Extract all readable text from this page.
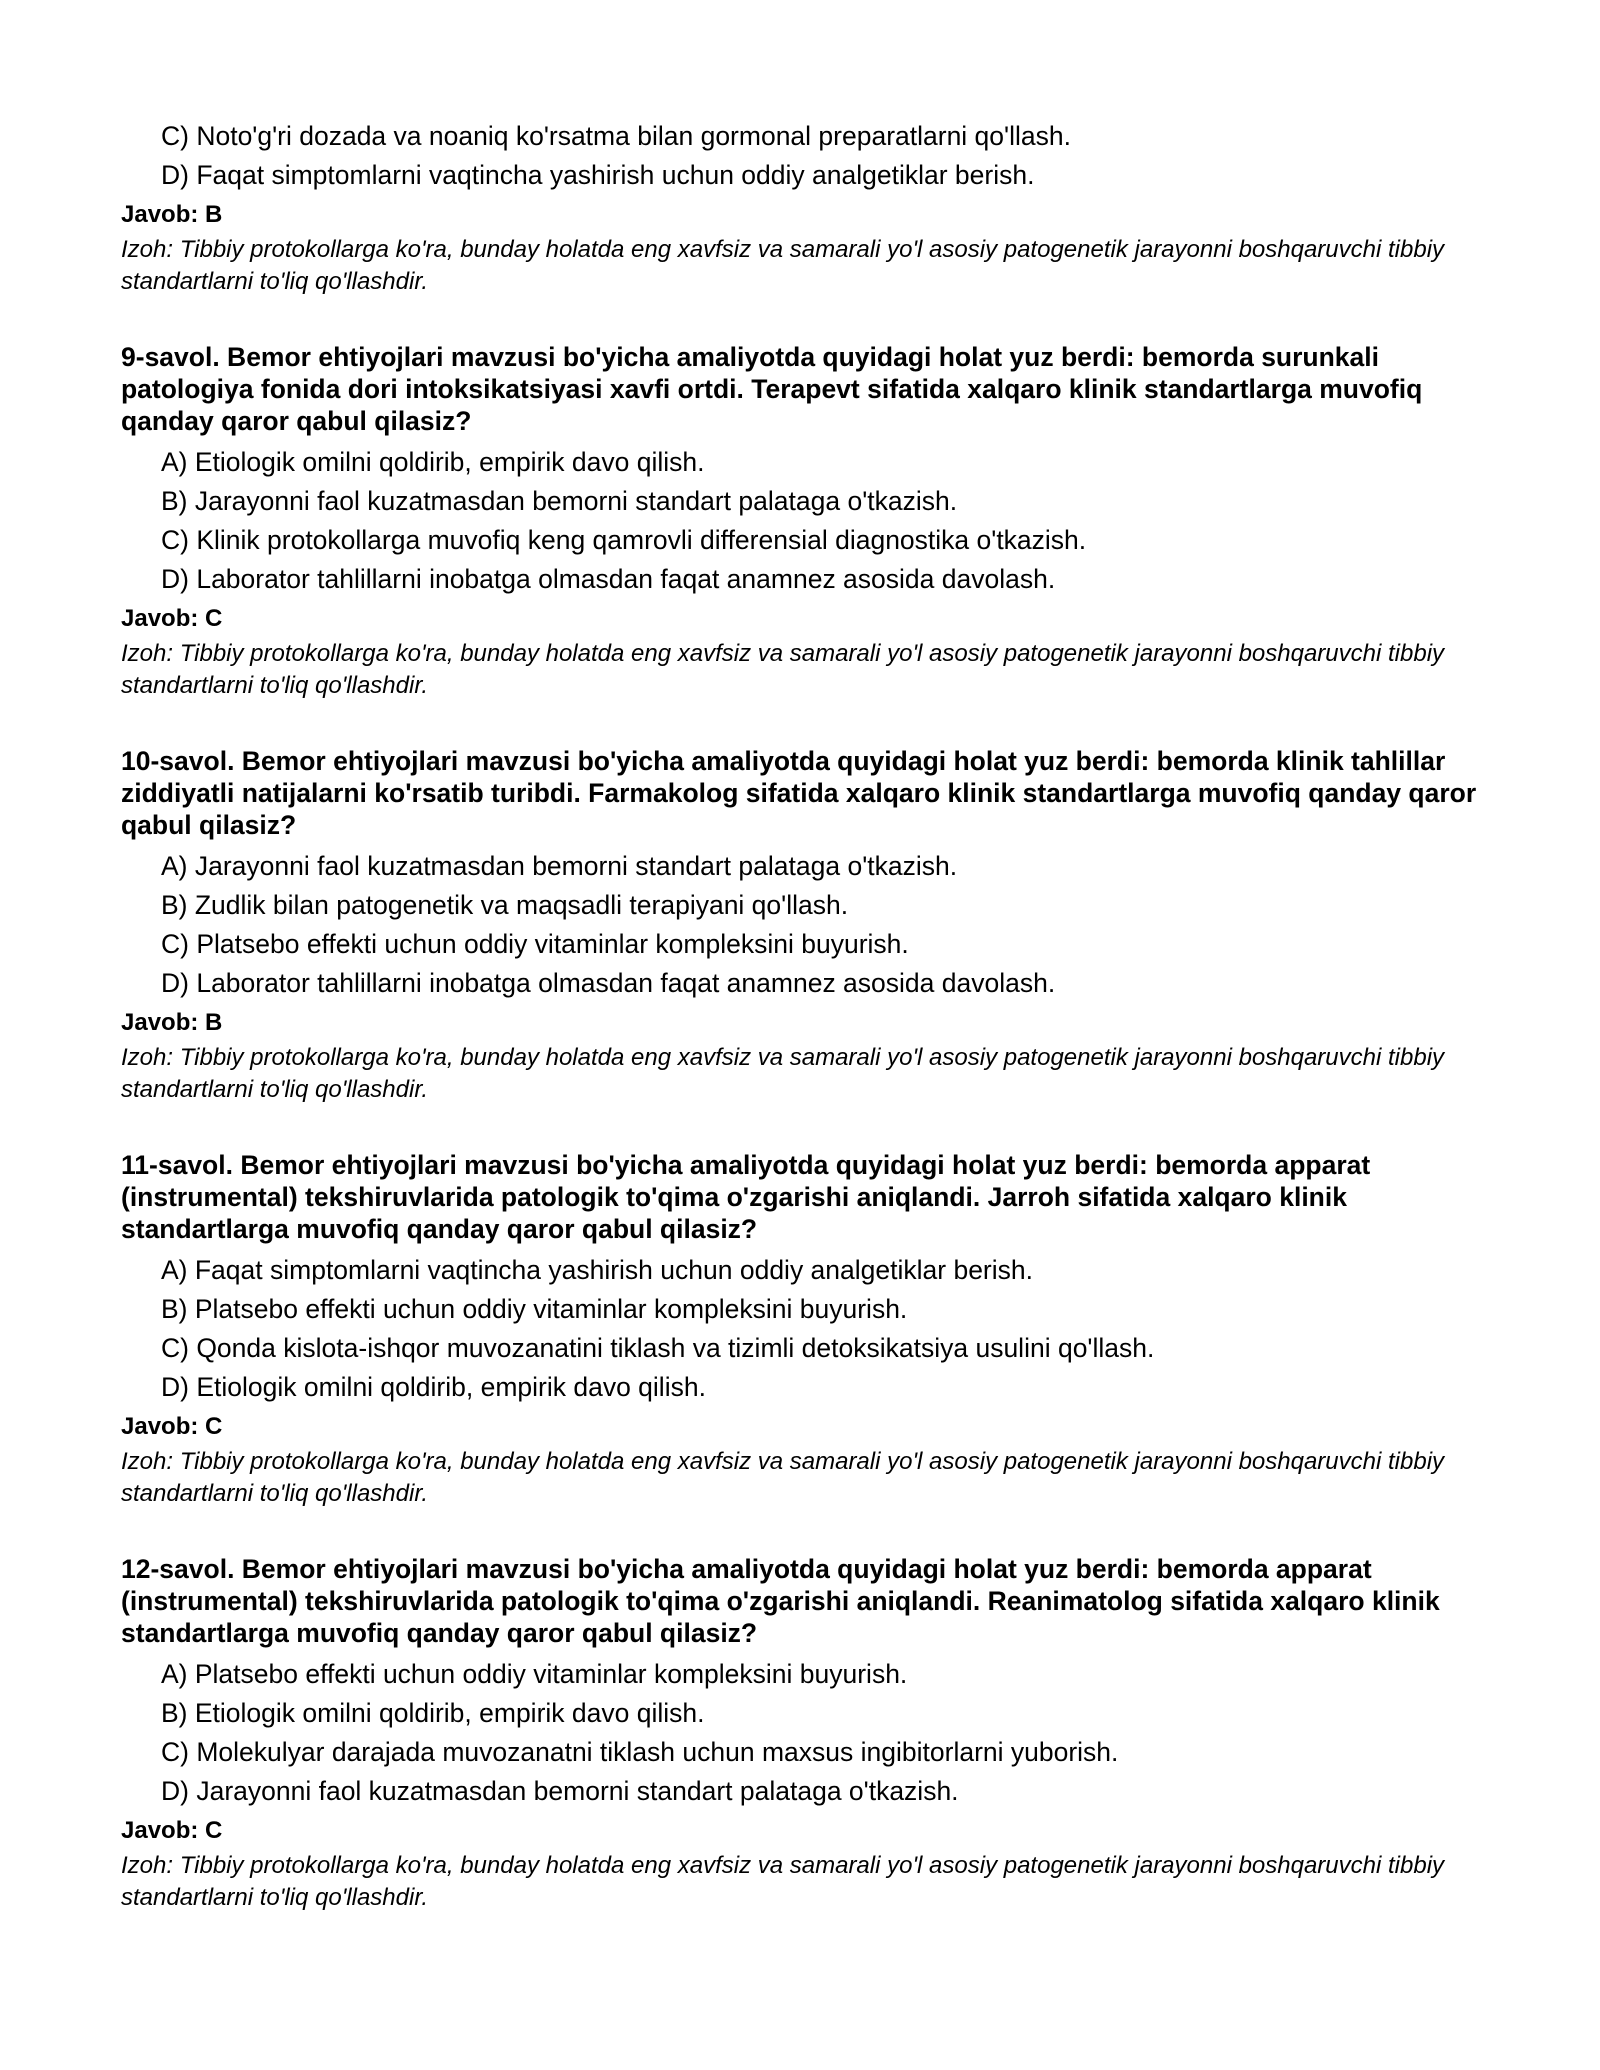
C) Noto'g'ri dozada va noaniq ko'rsatma bilan gormonal preparatlarni qo'llash.
D) Faqat simptomlarni vaqtincha yashirish uchun oddiy analgetiklar berish.
Javob: B
Izoh: Tibbiy protokollarga ko'ra, bunday holatda eng xavfsiz va samarali yo'l asosiy patogenetik jarayonni boshqaruvchi tibbiy standartlarni to'liq qo'llashdir.
9-savol. Bemor ehtiyojlari mavzusi bo'yicha amaliyotda quyidagi holat yuz berdi: bemorda surunkali patologiya fonida dori intoksikatsiyasi xavfi ortdi. Terapevt sifatida xalqaro klinik standartlarga muvofiq qanday qaror qabul qilasiz?
A) Etiologik omilni qoldirib, empirik davo qilish.
B) Jarayonni faol kuzatmasdan bemorni standart palataga o'tkazish.
C) Klinik protokollarga muvofiq keng qamrovli differensial diagnostika o'tkazish.
D) Laborator tahlillarni inobatga olmasdan faqat anamnez asosida davolash.
Javob: C
Izoh: Tibbiy protokollarga ko'ra, bunday holatda eng xavfsiz va samarali yo'l asosiy patogenetik jarayonni boshqaruvchi tibbiy standartlarni to'liq qo'llashdir.
10-savol. Bemor ehtiyojlari mavzusi bo'yicha amaliyotda quyidagi holat yuz berdi: bemorda klinik tahlillar ziddiyatli natijalarni ko'rsatib turibdi. Farmakolog sifatida xalqaro klinik standartlarga muvofiq qanday qaror qabul qilasiz?
A) Jarayonni faol kuzatmasdan bemorni standart palataga o'tkazish.
B) Zudlik bilan patogenetik va maqsadli terapiyani qo'llash.
C) Platsebo effekti uchun oddiy vitaminlar kompleksini buyurish.
D) Laborator tahlillarni inobatga olmasdan faqat anamnez asosida davolash.
Javob: B
Izoh: Tibbiy protokollarga ko'ra, bunday holatda eng xavfsiz va samarali yo'l asosiy patogenetik jarayonni boshqaruvchi tibbiy standartlarni to'liq qo'llashdir.
11-savol. Bemor ehtiyojlari mavzusi bo'yicha amaliyotda quyidagi holat yuz berdi: bemorda apparat (instrumental) tekshiruvlarida patologik to'qima o'zgarishi aniqlandi. Jarroh sifatida xalqaro klinik standartlarga muvofiq qanday qaror qabul qilasiz?
A) Faqat simptomlarni vaqtincha yashirish uchun oddiy analgetiklar berish.
B) Platsebo effekti uchun oddiy vitaminlar kompleksini buyurish.
C) Qonda kislota-ishqor muvozanatini tiklash va tizimli detoksikatsiya usulini qo'llash.
D) Etiologik omilni qoldirib, empirik davo qilish.
Javob: C
Izoh: Tibbiy protokollarga ko'ra, bunday holatda eng xavfsiz va samarali yo'l asosiy patogenetik jarayonni boshqaruvchi tibbiy standartlarni to'liq qo'llashdir.
12-savol. Bemor ehtiyojlari mavzusi bo'yicha amaliyotda quyidagi holat yuz berdi: bemorda apparat (instrumental) tekshiruvlarida patologik to'qima o'zgarishi aniqlandi. Reanimatolog sifatida xalqaro klinik standartlarga muvofiq qanday qaror qabul qilasiz?
A) Platsebo effekti uchun oddiy vitaminlar kompleksini buyurish.
B) Etiologik omilni qoldirib, empirik davo qilish.
C) Molekulyar darajada muvozanatni tiklash uchun maxsus ingibitorlarni yuborish.
D) Jarayonni faol kuzatmasdan bemorni standart palataga o'tkazish.
Javob: C
Izoh: Tibbiy protokollarga ko'ra, bunday holatda eng xavfsiz va samarali yo'l asosiy patogenetik jarayonni boshqaruvchi tibbiy standartlarni to'liq qo'llashdir.
